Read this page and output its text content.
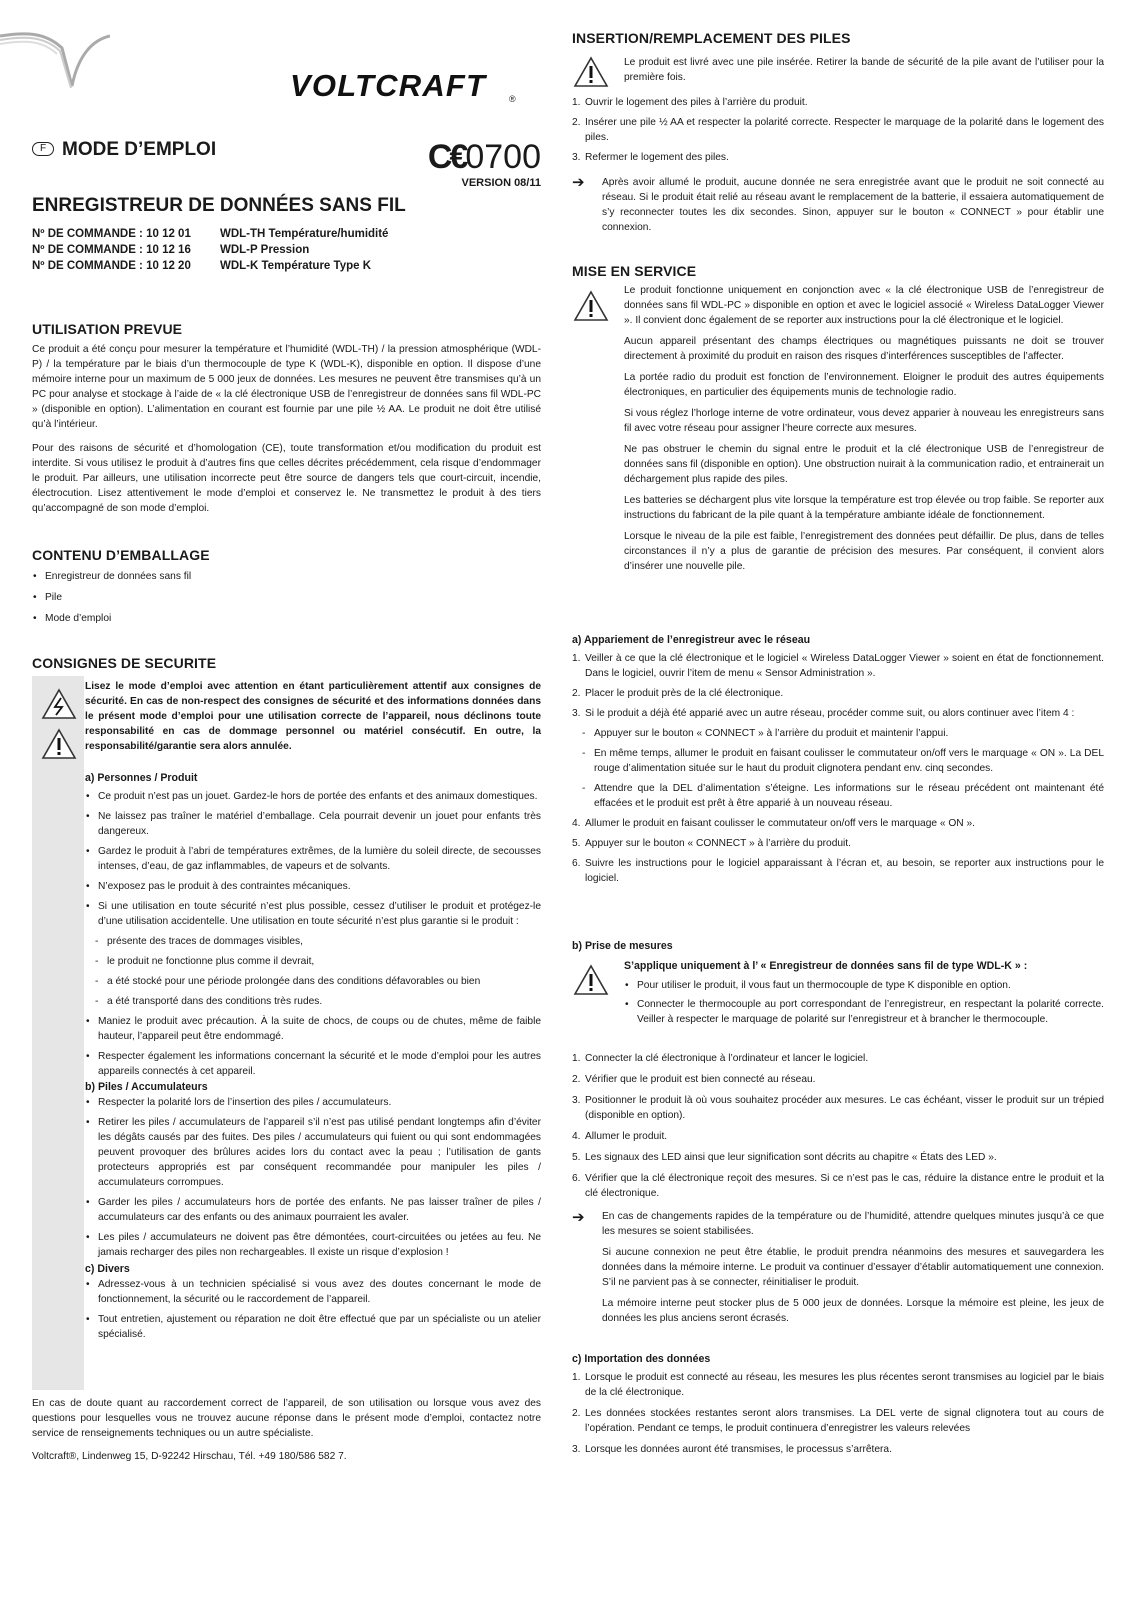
VOLTCRAFT	®
F MODE D’EMPLOI
ENREGISTREUR DE DONNÉES SANS FIL
Nº DE COMMANDE : 10 12 01	WDL-TH Température/humidité
Nº DE COMMANDE : 10 12 16	WDL-P Pression
Nº DE COMMANDE : 10 12 20	WDL-K Température Type K
C€0700
VERSION 08/11
UTILISATION PREVUE
Ce produit a été conçu pour mesurer la température et l’humidité (WDL-TH) / la pression atmosphérique (WDL-P) / la température par le biais d’un thermocouple de type K (WDL-K), disponible en option. Il dispose d’une mémoire interne pour un maximum de 5 000 jeux de données. Les mesures ne peuvent être transmises qu’à un PC pour analyse et stockage à l’aide de « la clé électronique USB de l’enregistreur de données sans fil WDL-PC » (disponible en option). L’alimentation en courant est fournie par une pile ½ AA. Le produit ne doit être utilisé qu’à l’intérieur.
Pour des raisons de sécurité et d’homologation (CE), toute transformation et/ou modification du produit est interdite. Si vous utilisez le produit à d’autres fins que celles décrites précédemment, cela risque d’endommager le produit. Par ailleurs, une utilisation incorrecte peut être source de dangers tels que court-circuit, incendie, électrocution. Lisez attentivement le mode d’emploi et conservez le. Ne transmettez le produit à des tiers qu’accompagné de son mode d’emploi.
CONTENU D’EMBALLAGE
• Enregistreur de données sans fil
• Pile
• Mode d’emploi
CONSIGNES DE SECURITE
Lisez le mode d’emploi avec attention en étant particulièrement attentif aux consignes de sécurité. En cas de non-respect des consignes de sécurité et des informations données dans le présent mode d’emploi pour une utilisation correcte de l’appareil, nous déclinons toute responsabilité en cas de dommage personnel ou matériel consécutif. En outre, la responsabilité/garantie sera alors annulée.
a) Personnes / Produit
• Ce produit n’est pas un jouet. Gardez-le hors de portée des enfants et des animaux domestiques.
• Ne laissez pas traîner le matériel d’emballage. Cela pourrait devenir un jouet pour enfants très dangereux.
• Gardez le produit à l’abri de températures extrêmes, de la lumière du soleil directe, de secousses intenses, d’eau, de gaz inflammables, de vapeurs et de solvants.
• N’exposez pas le produit à des contraintes mécaniques.
• Si une utilisation en toute sécurité n’est plus possible, cessez d’utiliser le produit et protégez-le d’une utilisation accidentelle. Une utilisation en toute sécurité n’est plus garantie si le produit :
- présente des traces de dommages visibles,
- le produit ne fonctionne plus comme il devrait,
- a été stocké pour une période prolongée dans des conditions défavorables ou bien
- a été transporté dans des conditions très rudes.
• Maniez le produit avec précaution. À la suite de chocs, de coups ou de chutes, même de faible hauteur, l’appareil peut être endommagé.
• Respecter également les informations concernant la sécurité et le mode d’emploi pour les autres appareils connectés à cet appareil.
b) Piles / Accumulateurs
• Respecter la polarité lors de l’insertion des piles / accumulateurs.
• Retirer les piles / accumulateurs de l’appareil s’il n’est pas utilisé pendant longtemps afin d’éviter les dégâts causés par des fuites. Des piles / accumulateurs qui fuient ou qui sont endommagées peuvent provoquer des brûlures acides lors du contact avec la peau ; l’utilisation de gants protecteurs appropriés est par conséquent recommandée pour manipuler les piles / accumulateurs corrompues.
• Garder les piles / accumulateurs hors de portée des enfants. Ne pas laisser traîner de piles / accumulateurs car des enfants ou des animaux pourraient les avaler.
• Les piles / accumulateurs ne doivent pas être démontées, court-circuitées ou jetées au feu. Ne jamais recharger des piles non rechargeables. Il existe un risque d’explosion !
c) Divers
• Adressez-vous à un technicien spécialisé si vous avez des doutes concernant le mode de fonctionnement, la sécurité ou le raccordement de l’appareil.
• Tout entretien, ajustement ou réparation ne doit être effectué que par un spécialiste ou un atelier spécialisé.
En cas de doute quant au raccordement correct de l’appareil, de son utilisation ou lorsque vous avez des questions pour lesquelles vous ne trouvez aucune réponse dans le présent mode d’emploi, contactez notre service de renseignements techniques ou un autre spécialiste.
Voltcraft®, Lindenweg 15, D-92242 Hirschau, Tél. +49 180/586 582 7.
INSERTION/REMPLACEMENT DES PILES
Le produit est livré avec une pile insérée. Retirer la bande de sécurité de la pile avant de l’utiliser pour la première fois.
1. Ouvrir le logement des piles à l’arrière du produit.
2. Insérer une pile ½ AA et respecter la polarité correcte. Respecter le marquage de la polarité dans le logement des piles.
3. Refermer le logement des piles.
➔ Après avoir allumé le produit, aucune donnée ne sera enregistrée avant que le produit ne soit connecté au réseau. Si le produit était relié au réseau avant le remplacement de la batterie, il essaiera automatiquement de s’y reconnecter toutes les dix secondes. Sinon, appuyer sur le bouton « CONNECT » pour établir une connexion.
MISE EN SERVICE
Le produit fonctionne uniquement en conjonction avec « la clé électronique USB de l’enregistreur de données sans fil WDL-PC » disponible en option et avec le logiciel associé « Wireless DataLogger Viewer ». Il convient donc également de se reporter aux instructions pour la clé électronique et le logiciel.
Aucun appareil présentant des champs électriques ou magnétiques puissants ne doit se trouver directement à proximité du produit en raison des risques d’interférences susceptibles de l’affecter.
La portée radio du produit est fonction de l’environnement. Eloigner le produit des autres équipements électroniques, en particulier des équipements munis de technologie radio.
Si vous réglez l’horloge interne de votre ordinateur, vous devez apparier à nouveau les enregistreurs sans fil avec votre réseau pour assigner l’heure correcte aux mesures.
Ne pas obstruer le chemin du signal entre le produit et la clé électronique USB de l’enregistreur de données sans fil (disponible en option). Une obstruction nuirait à la communication radio, et entrainerait un déchargement plus rapide des piles.
Les batteries se déchargent plus vite lorsque la température est trop élevée ou trop faible. Se reporter aux instructions du fabricant de la pile quant à la température ambiante idéale de fonctionnement.
Lorsque le niveau de la pile est faible, l’enregistrement des données peut défaillir. De plus, dans de telles circonstances il n’y a plus de garantie de précision des mesures. Par conséquent, il convient alors d’insérer une nouvelle pile.
a) Appariement de l’enregistreur avec le réseau
1. Veiller à ce que la clé électronique et le logiciel « Wireless DataLogger Viewer » soient en état de fonctionnement. Dans le logiciel, ouvrir l’item de menu « Sensor Administration ».
2. Placer le produit près de la clé électronique.
3. Si le produit a déjà été apparié avec un autre réseau, procéder comme suit, ou alors continuer avec l’item 4 :
- Appuyer sur le bouton « CONNECT » à l’arrière du produit et maintenir l’appui.
- En même temps, allumer le produit en faisant coulisser le commutateur on/off vers le marquage « ON ». La DEL rouge d’alimentation située sur le haut du produit clignotera pendant env. cinq secondes.
- Attendre que la DEL d’alimentation s’éteigne. Les informations sur le réseau précédent ont maintenant été effacées et le produit est prêt à être apparié à un nouveau réseau.
4. Allumer le produit en faisant coulisser le commutateur on/off vers le marquage « ON ».
5. Appuyer sur le bouton « CONNECT » à l’arrière du produit.
6. Suivre les instructions pour le logiciel apparaissant à l’écran et, au besoin, se reporter aux instructions pour le logiciel.
b) Prise de mesures
S’applique uniquement à l’ « Enregistreur de données sans fil de type WDL-K » :
• Pour utiliser le produit, il vous faut un thermocouple de type K disponible en option.
• Connecter le thermocouple au port correspondant de l’enregistreur, en respectant la polarité correcte. Veiller à respecter le marquage de polarité sur l’enregistreur et à brancher le thermocouple.
1. Connecter la clé électronique à l’ordinateur et lancer le logiciel.
2. Vérifier que le produit est bien connecté au réseau.
3. Positionner le produit là où vous souhaitez procéder aux mesures. Le cas échéant, visser le produit sur un trépied (disponible en option).
4. Allumer le produit.
5. Les signaux des LED ainsi que leur signification sont décrits au chapitre « États des LED ».
6. Vérifier que la clé électronique reçoit des mesures. Si ce n’est pas le cas, réduire la distance entre le produit et la clé électronique.
➔ En cas de changements rapides de la température ou de l’humidité, attendre quelques minutes jusqu’à ce que les mesures se soient stabilisées.
Si aucune connexion ne peut être établie, le produit prendra néanmoins des mesures et sauvegardera les données dans la mémoire interne. Le produit va continuer d’essayer d’établir automatiquement une connexion. S’il ne parvient pas à se connecter, réinitialiser le produit.
La mémoire interne peut stocker plus de 5 000 jeux de données. Lorsque la mémoire est pleine, les jeux de données les plus anciens seront écrasés.
c) Importation des données
1. Lorsque le produit est connecté au réseau, les mesures les plus récentes seront transmises au logiciel par le biais de la clé électronique.
2. Les données stockées restantes seront alors transmises. La DEL verte de signal clignotera tout au cours de l’opération. Pendant ce temps, le produit continuera d’enregistrer les valeurs relevées
3. Lorsque les données auront été transmises, le processus s’arrêtera.
